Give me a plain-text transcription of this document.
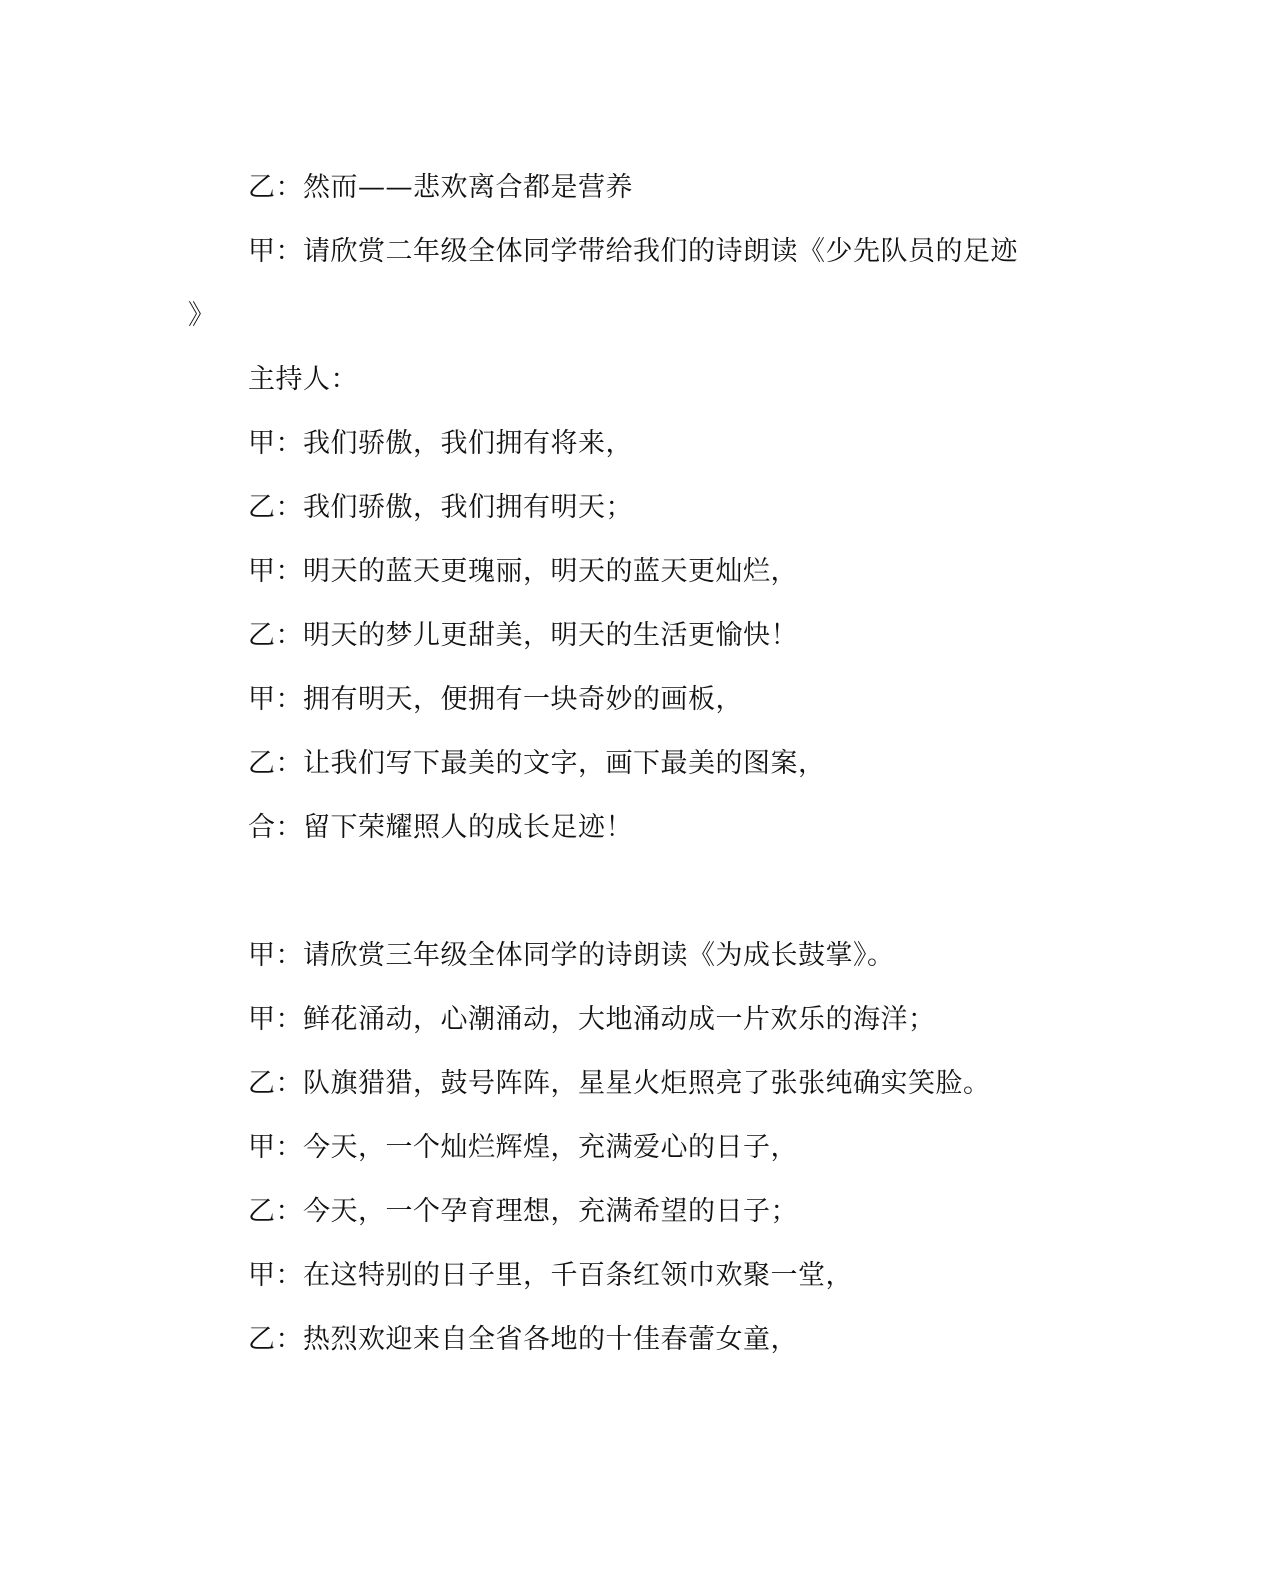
乙：然而——悲欢离合都是营养
甲：请欣赏二年级全体同学带给我们的诗朗读《少先队员的足迹
》
主持人：
甲：我们骄傲，我们拥有将来，
乙：我们骄傲，我们拥有明天；
甲：明天的蓝天更瑰丽，明天的蓝天更灿烂，
乙：明天的梦儿更甜美，明天的生活更愉快！
甲：拥有明天，便拥有一块奇妙的画板，
乙：让我们写下最美的文字，画下最美的图案，
合：留下荣耀照人的成长足迹！
甲：请欣赏三年级全体同学的诗朗读《为成长鼓掌》。
甲：鲜花涌动，心潮涌动，大地涌动成一片欢乐的海洋；
乙：队旗猎猎，鼓号阵阵，星星火炬照亮了张张纯确实笑脸。
甲：今天，一个灿烂辉煌，充满爱心的日子，
乙：今天，一个孕育理想，充满希望的日子；
甲：在这特别的日子里，千百条红领巾欢聚一堂，
乙：热烈欢迎来自全省各地的十佳春蕾女童，
